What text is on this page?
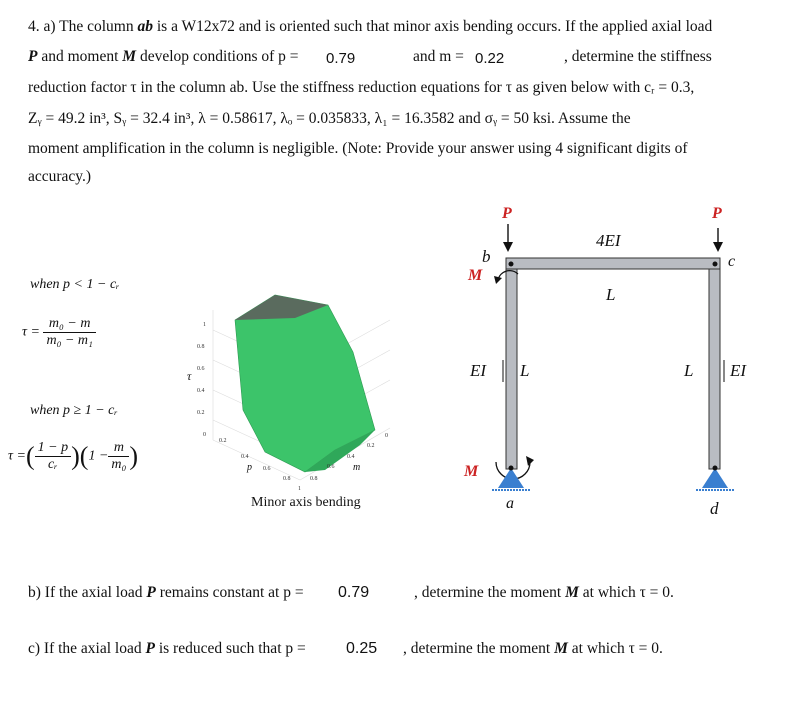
4. a) The column ab is a W12x72 and is oriented such that minor axis bending occurs. If the applied axial load
P and moment M develop conditions of p = 0.79	and m = 0.22	, determine the stiffness
reduction factor τ in the column ab. Use the stiffness reduction equations for τ as given below with cᵣ = 0.3,
Zᵧ = 49.2 in³, Sᵧ = 32.4 in³, λ = 0.58617, λₒ = 0.035833, λ₁ = 16.3582 and σᵧ = 50 ksi. Assume the
moment amplification in the column is negligible. (Note: Provide your answer using 4 significant digits of
accuracy.)
when p < 1 − cᵣ
$\tau = \frac{\text{m₀ − m}}{\text{m₀ − m₁}}$
when p ≥ 1 − cᵣ
τ =( $\frac{1 - p}{\text{cᵣ}} )(1 - \frac{m}{\text{m₀}}$ )
1
0.8
0.6
0.4
0.2
0
τ
0.2
0.4
0.6
0.8
1
p
0
0.2
0.4
0.6
0.8
m
Minor axis bending
P	P
b	c
4EI
L
M
M
EI L	L EI
a	d
b) If the axial load P remains constant at p = 0.79	, determine the moment M at which τ = 0.
c) If the axial load P is reduced such that p =	0.25 , determine the moment M at which τ = 0.
